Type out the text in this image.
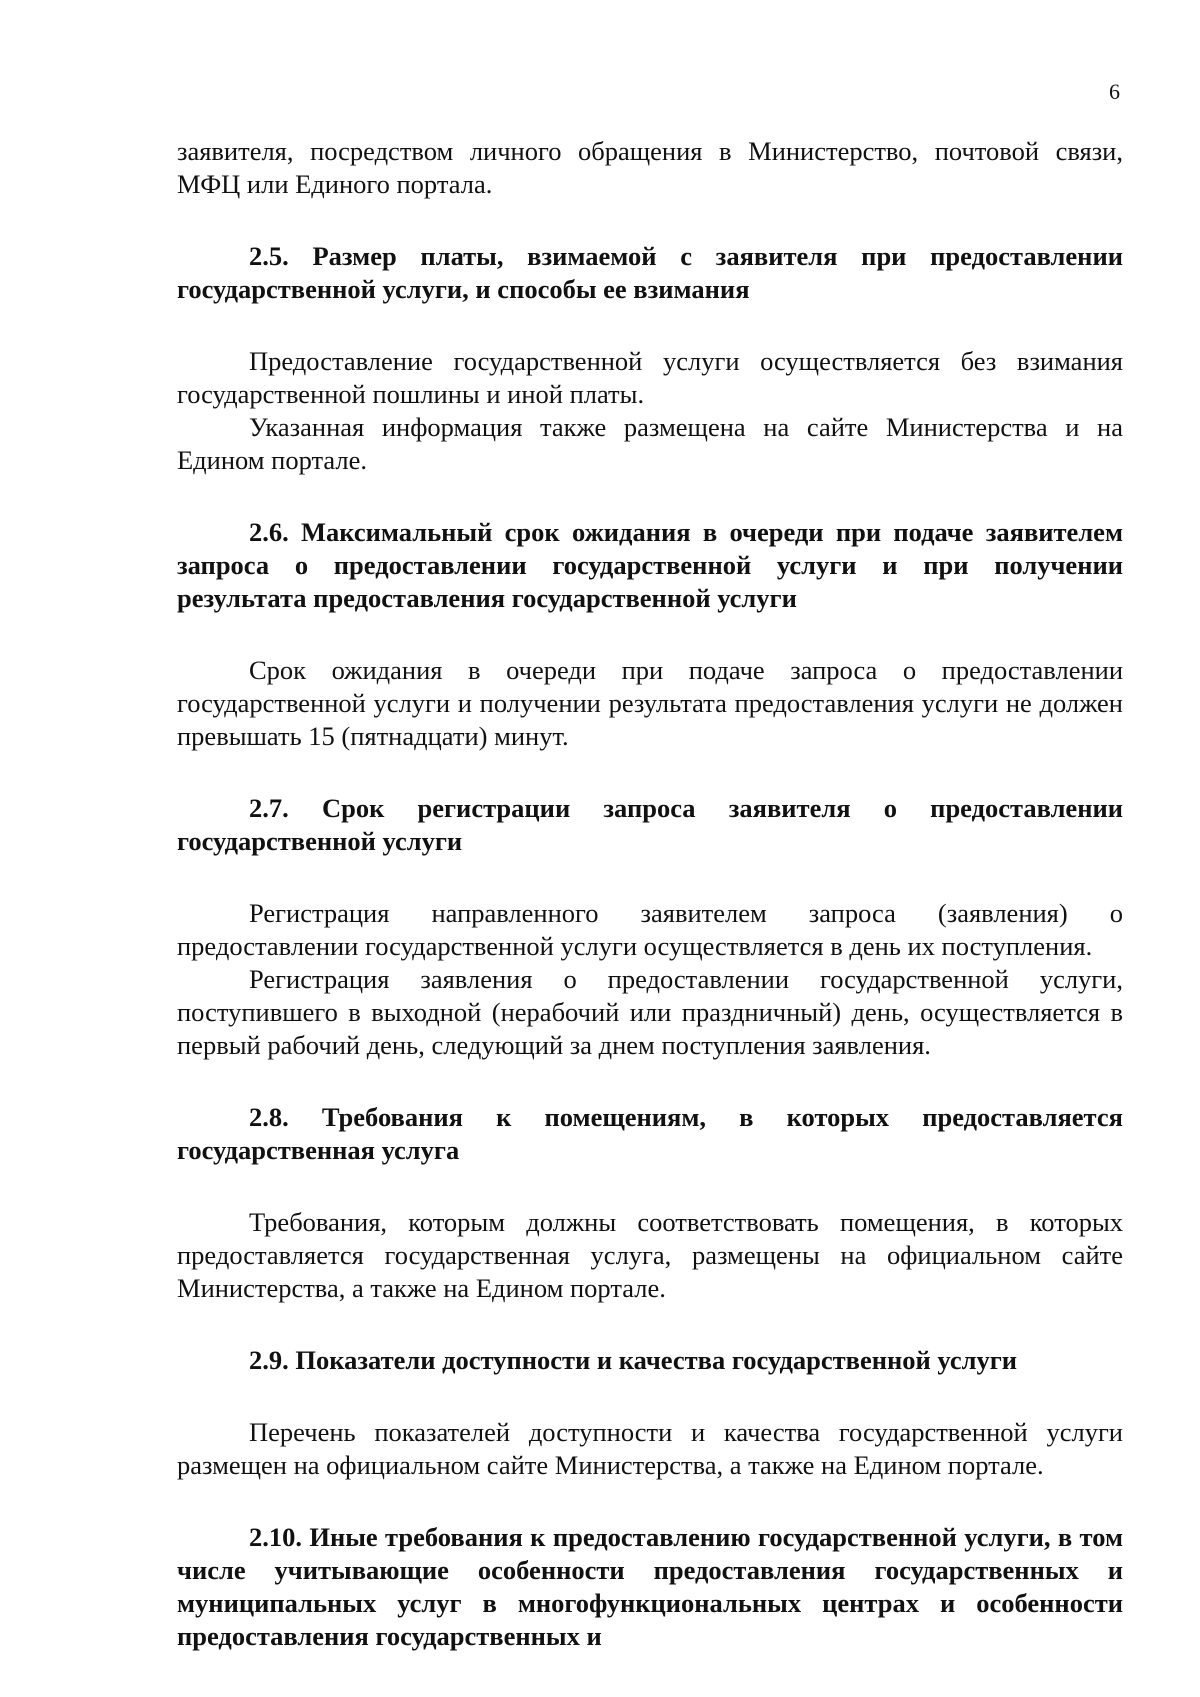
6

заявителя, посредством личного обращения в Министерство, почтовой связи, МФЦ или Единого портала.

2.5. Размер платы, взимаемой с заявителя при предоставлении государственной услуги, и способы ее взимания

Предоставление государственной услуги осуществляется без взимания государственной пошлины и иной платы.

Указанная информация также размещена на сайте Министерства и на Едином портале.

2.6. Максимальный срок ожидания в очереди при подаче заявителем запроса о предоставлении государственной услуги и при получении результата предоставления государственной услуги

Срок ожидания в очереди при подаче запроса о предоставлении государственной услуги и получении результата предоставления услуги не должен превышать 15 (пятнадцати) минут.

2.7. Срок регистрации запроса заявителя о предоставлении государственной услуги

Регистрация направленного заявителем запроса (заявления) о предоставлении государственной услуги осуществляется в день их поступления.

Регистрация заявления о предоставлении государственной услуги, поступившего в выходной (нерабочий или праздничный) день, осуществляется в первый рабочий день, следующий за днем поступления заявления.

2.8. Требования к помещениям, в которых предоставляется государственная услуга

Требования, которым должны соответствовать помещения, в которых предоставляется государственная услуга, размещены на официальном сайте Министерства, а также на Едином портале.

2.9. Показатели доступности и качества государственной услуги

Перечень показателей доступности и качества государственной услуги размещен на официальном сайте Министерства, а также на Едином портале.

2.10. Иные требования к предоставлению государственной услуги, в том числе учитывающие особенности предоставления государственных и муниципальных услуг в многофункциональных центрах и особенности предоставления государственных и
